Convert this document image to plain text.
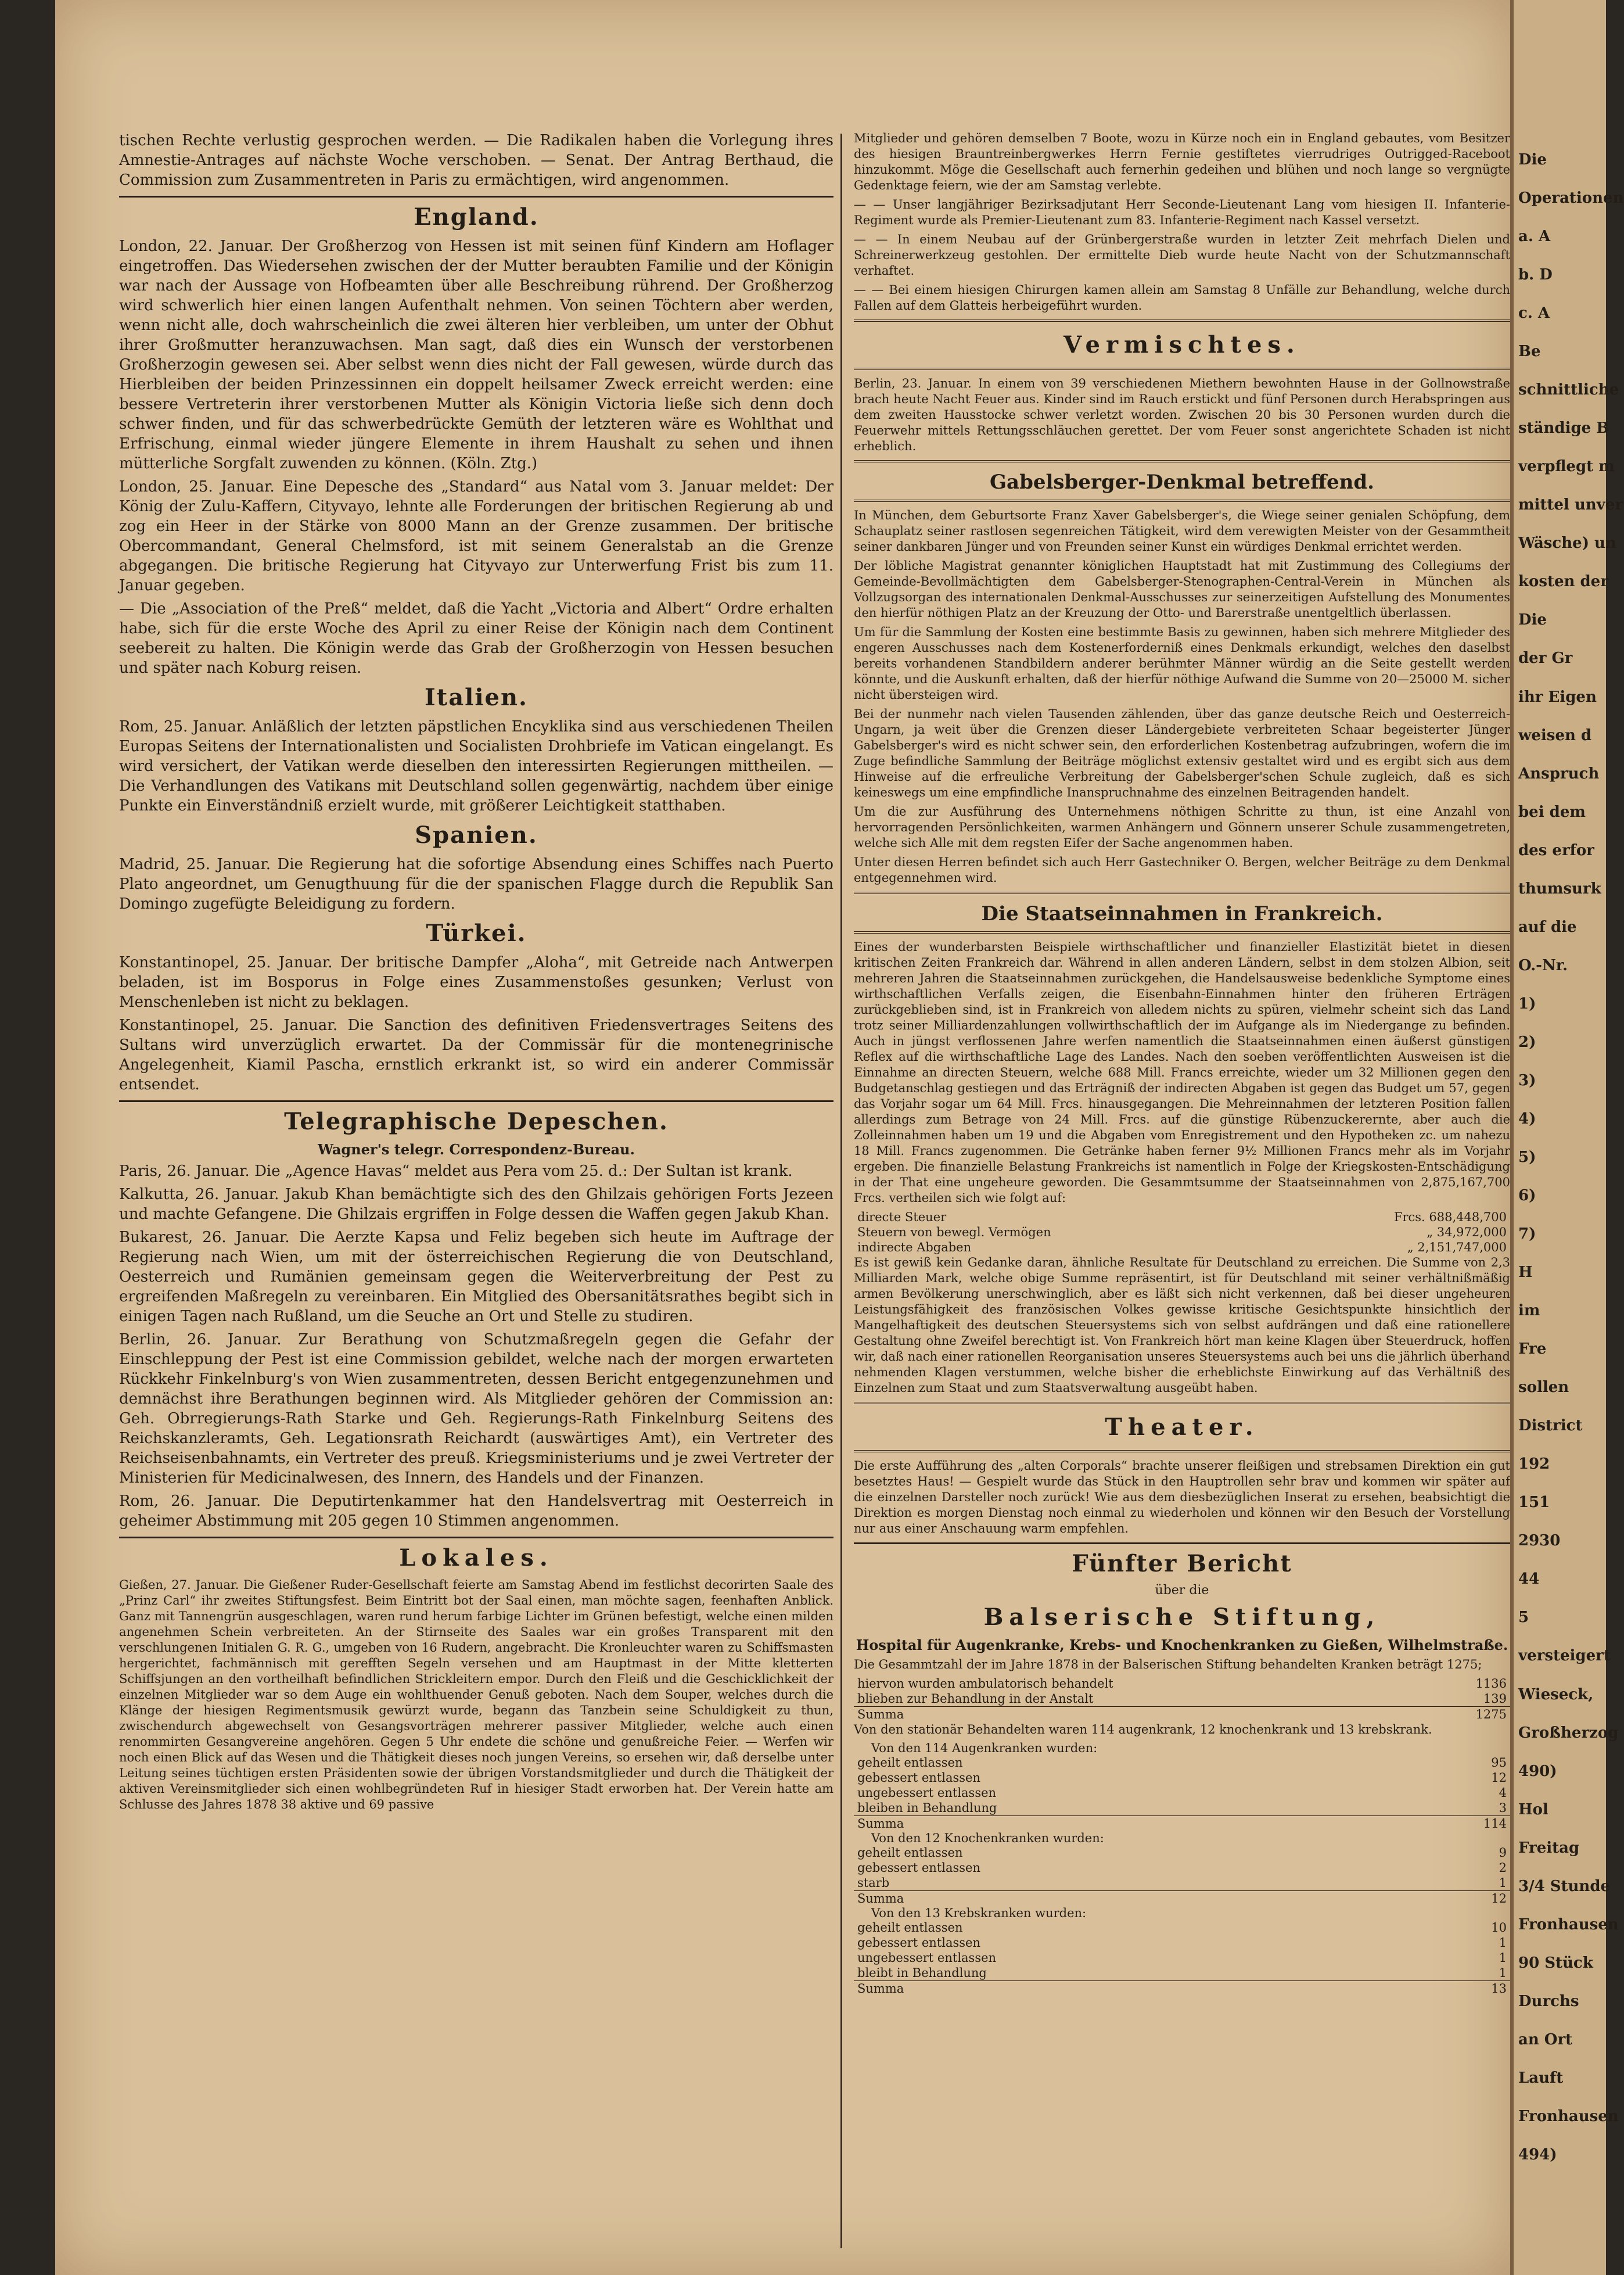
tischen Rechte verlustig gesprochen werden. — Die Radikalen haben die Vorlegung ihres Amnestie-Antrages auf nächste Woche verschoben. — Senat. Der Antrag Berthaud, die Commission zum Zusammentreten in Paris zu ermächtigen, wird angenommen.

England.

London, 22. Januar. Der Großherzog von Hessen ist mit seinen fünf Kindern am Hoflager eingetroffen. Das Wiedersehen zwischen der der Mutter beraubten Familie und der Königin war nach der Aussage von Hofbeamten über alle Beschreibung rührend. Der Großherzog wird schwerlich hier einen langen Aufenthalt nehmen. Von seinen Töchtern aber werden, wenn nicht alle, doch wahrscheinlich die zwei älteren hier verbleiben, um unter der Obhut ihrer Großmutter heranzuwachsen. Man sagt, daß dies ein Wunsch der verstorbenen Großherzogin gewesen sei. Aber selbst wenn dies nicht der Fall gewesen, würde durch das Hierbleiben der beiden Prinzessinnen ein doppelt heilsamer Zweck erreicht werden: eine bessere Vertreterin ihrer verstorbenen Mutter als Königin Victoria ließe sich denn doch schwer finden, und für das schwerbedrückte Gemüth der letzteren wäre es Wohlthat und Erfrischung, einmal wieder jüngere Elemente in ihrem Haushalt zu sehen und ihnen mütterliche Sorgfalt zuwenden zu können. (Köln. Ztg.)

London, 25. Januar. Eine Depesche des „Standard“ aus Natal vom 3. Januar meldet: Der König der Zulu-Kaffern, Cityvayo, lehnte alle Forderungen der britischen Regierung ab und zog ein Heer in der Stärke von 8000 Mann an der Grenze zusammen. Der britische Obercommandant, General Chelmsford, ist mit seinem Generalstab an die Grenze abgegangen. Die britische Regierung hat Cityvayo zur Unterwerfung Frist bis zum 11. Januar gegeben.

— Die „Association of the Preß“ meldet, daß die Yacht „Victoria and Albert“ Ordre erhalten habe, sich für die erste Woche des April zu einer Reise der Königin nach dem Continent seebereit zu halten. Die Königin werde das Grab der Großherzogin von Hessen besuchen und später nach Koburg reisen.

Italien.

Rom, 25. Januar. Anläßlich der letzten päpstlichen Encyklika sind aus verschiedenen Theilen Europas Seitens der Internationalisten und Socialisten Drohbriefe im Vatican eingelangt. Es wird versichert, der Vatikan werde dieselben den interessirten Regierungen mittheilen. — Die Verhandlungen des Vatikans mit Deutschland sollen gegenwärtig, nachdem über einige Punkte ein Einverständniß erzielt wurde, mit größerer Leichtigkeit statthaben.

Spanien.

Madrid, 25. Januar. Die Regierung hat die sofortige Absendung eines Schiffes nach Puerto Plato angeordnet, um Genugthuung für die der spanischen Flagge durch die Republik San Domingo zugefügte Beleidigung zu fordern.

Türkei.

Konstantinopel, 25. Januar. Der britische Dampfer „Aloha“, mit Getreide nach Antwerpen beladen, ist im Bosporus in Folge eines Zusammenstoßes gesunken; Verlust von Menschenleben ist nicht zu beklagen.

Konstantinopel, 25. Januar. Die Sanction des definitiven Friedensvertrages Seitens des Sultans wird unverzüglich erwartet. Da der Commissär für die montenegrinische Angelegenheit, Kiamil Pascha, ernstlich erkrankt ist, so wird ein anderer Commissär entsendet.

Telegraphische Depeschen.
Wagner's telegr. Correspondenz-Bureau.

Paris, 26. Januar. Die „Agence Havas“ meldet aus Pera vom 25. d.: Der Sultan ist krank.

Kalkutta, 26. Januar. Jakub Khan bemächtigte sich des den Ghilzais gehörigen Forts Jezeen und machte Gefangene. Die Ghilzais ergriffen in Folge dessen die Waffen gegen Jakub Khan.

Bukarest, 26. Januar. Die Aerzte Kapsa und Feliz begeben sich heute im Auftrage der Regierung nach Wien, um mit der österreichischen Regierung die von Deutschland, Oesterreich und Rumänien gemeinsam gegen die Weiterverbreitung der Pest zu ergreifenden Maßregeln zu vereinbaren. Ein Mitglied des Obersanitätsrathes begibt sich in einigen Tagen nach Rußland, um die Seuche an Ort und Stelle zu studiren.

Berlin, 26. Januar. Zur Berathung von Schutzmaßregeln gegen die Gefahr der Einschleppung der Pest ist eine Commission gebildet, welche nach der morgen erwarteten Rückkehr Finkelnburg's von Wien zusammentreten, dessen Bericht entgegenzunehmen und demnächst ihre Berathungen beginnen wird. Als Mitglieder gehören der Commission an: Geh. Obrregierungs-Rath Starke und Geh. Regierungs-Rath Finkelnburg Seitens des Reichskanzleramts, Geh. Legationsrath Reichardt (auswärtiges Amt), ein Vertreter des Reichseisenbahnamts, ein Vertreter des preuß. Kriegsministeriums und je zwei Vertreter der Ministerien für Medicinalwesen, des Innern, des Handels und der Finanzen.

Rom, 26. Januar. Die Deputirtenkammer hat den Handelsvertrag mit Oesterreich in geheimer Abstimmung mit 205 gegen 10 Stimmen angenommen.

Lokales.

Gießen, 27. Januar. Die Gießener Ruder-Gesellschaft feierte am Samstag Abend im festlichst decorirten Saale des „Prinz Carl“ ihr zweites Stiftungsfest. Beim Eintritt bot der Saal einen, man möchte sagen, feenhaften Anblick. Ganz mit Tannengrün ausgeschlagen, waren rund herum farbige Lichter im Grünen befestigt, welche einen milden angenehmen Schein verbreiteten. An der Stirnseite des Saales war ein großes Transparent mit den verschlungenen Initialen G. R. G., umgeben von 16 Rudern, angebracht. Die Kronleuchter waren zu Schiffsmasten hergerichtet, fachmännisch mit gerefften Segeln versehen und am Hauptmast in der Mitte kletterten Schiffsjungen an den vortheilhaft befindlichen Strickleitern empor. Durch den Fleiß und die Geschicklichkeit der einzelnen Mitglieder war so dem Auge ein wohlthuender Genuß geboten. Nach dem Souper, welches durch die Klänge der hiesigen Regimentsmusik gewürzt wurde, begann das Tanzbein seine Schuldigkeit zu thun, zwischendurch abgewechselt von Gesangsvorträgen mehrerer passiver Mitglieder, welche auch einen renommirten Gesangvereine angehören. Gegen 5 Uhr endete die schöne und genußreiche Feier. — Werfen wir noch einen Blick auf das Wesen und die Thätigkeit dieses noch jungen Vereins, so ersehen wir, daß derselbe unter Leitung seines tüchtigen ersten Präsidenten sowie der übrigen Vorstandsmitglieder und durch die Thätigkeit der aktiven Vereinsmitglieder sich einen wohlbegründeten Ruf in hiesiger Stadt erworben hat. Der Verein hatte am Schlusse des Jahres 1878 38 aktive und 69 passive

Mitglieder und gehören demselben 7 Boote, wozu in Kürze noch ein in England gebautes, vom Besitzer des hiesigen Brauntreinbergwerkes Herrn Fernie gestiftetes vierrudriges Outrigged-Raceboot hinzukommt. Möge die Gesellschaft auch fernerhin gedeihen und blühen und noch lange so vergnügte Gedenktage feiern, wie der am Samstag verlebte.

— — Unser langjähriger Bezirksadjutant Herr Seconde-Lieutenant Lang vom hiesigen II. Infanterie-Regiment wurde als Premier-Lieutenant zum 83. Infanterie-Regiment nach Kassel versetzt.

— — In einem Neubau auf der Grünbergerstraße wurden in letzter Zeit mehrfach Dielen und Schreinerwerkzeug gestohlen. Der ermittelte Dieb wurde heute Nacht von der Schutzmannschaft verhaftet.

— — Bei einem hiesigen Chirurgen kamen allein am Samstag 8 Unfälle zur Behandlung, welche durch Fallen auf dem Glatteis herbeigeführt wurden.

Vermischtes.

Berlin, 23. Januar. In einem von 39 verschiedenen Miethern bewohnten Hause in der Gollnowstraße brach heute Nacht Feuer aus. Kinder sind im Rauch erstickt und fünf Personen durch Herabspringen aus dem zweiten Hausstocke schwer verletzt worden. Zwischen 20 bis 30 Personen wurden durch die Feuerwehr mittels Rettungsschläuchen gerettet. Der vom Feuer sonst angerichtete Schaden ist nicht erheblich.

Gabelsberger-Denkmal betreffend.

In München, dem Geburtsorte Franz Xaver Gabelsberger's, die Wiege seiner genialen Schöpfung, dem Schauplatz seiner rastlosen segenreichen Tätigkeit, wird dem verewigten Meister von der Gesammtheit seiner dankbaren Jünger und von Freunden seiner Kunst ein würdiges Denkmal errichtet werden.

Der löbliche Magistrat genannter königlichen Hauptstadt hat mit Zustimmung des Collegiums der Gemeinde-Bevollmächtigten dem Gabelsberger-Stenographen-Central-Verein in München als Vollzugsorgan des internationalen Denkmal-Ausschusses zur seinerzeitigen Aufstellung des Monumentes den hierfür nöthigen Platz an der Kreuzung der Otto- und Barerstraße unentgeltlich überlassen.

Um für die Sammlung der Kosten eine bestimmte Basis zu gewinnen, haben sich mehrere Mitglieder des engeren Ausschusses nach dem Kostenerforderniß eines Denkmals erkundigt, welches den daselbst bereits vorhandenen Standbildern anderer berühmter Männer würdig an die Seite gestellt werden könnte, und die Auskunft erhalten, daß der hierfür nöthige Aufwand die Summe von 20—25000 M. sicher nicht übersteigen wird.

Bei der nunmehr nach vielen Tausenden zählenden, über das ganze deutsche Reich und Oesterreich-Ungarn, ja weit über die Grenzen dieser Ländergebiete verbreiteten Schaar begeisterter Jünger Gabelsberger's wird es nicht schwer sein, den erforderlichen Kostenbetrag aufzubringen, wofern die im Zuge befindliche Sammlung der Beiträge möglichst extensiv gestaltet wird und es ergibt sich aus dem Hinweise auf die erfreuliche Verbreitung der Gabelsberger'schen Schule zugleich, daß es sich keineswegs um eine empfindliche Inanspruchnahme des einzelnen Beitragenden handelt.

Um die zur Ausführung des Unternehmens nöthigen Schritte zu thun, ist eine Anzahl von hervorragenden Persönlichkeiten, warmen Anhängern und Gönnern unserer Schule zusammengetreten, welche sich Alle mit dem regsten Eifer der Sache angenommen haben.

Unter diesen Herren befindet sich auch Herr Gastechniker O. Bergen, welcher Beiträge zu dem Denkmal entgegennehmen wird.

Die Staatseinnahmen in Frankreich.

Eines der wunderbarsten Beispiele wirthschaftlicher und finanzieller Elastizität bietet in diesen kritischen Zeiten Frankreich dar. Während in allen anderen Ländern, selbst in dem stolzen Albion, seit mehreren Jahren die Staatseinnahmen zurückgehen, die Handelsausweise bedenkliche Symptome eines wirthschaftlichen Verfalls zeigen, die Eisenbahn-Einnahmen hinter den früheren Erträgen zurückgeblieben sind, ist in Frankreich von alledem nichts zu spüren, vielmehr scheint sich das Land trotz seiner Milliardenzahlungen vollwirthschaftlich der im Aufgange als im Niedergange zu befinden. Auch in jüngst verflossenen Jahre werfen namentlich die Staatseinnahmen einen äußerst günstigen Reflex auf die wirthschaftliche Lage des Landes. Nach den soeben veröffentlichten Ausweisen ist die Einnahme an directen Steuern, welche 688 Mill. Francs erreichte, wieder um 32 Millionen gegen den Budgetanschlag gestiegen und das Erträgniß der indirecten Abgaben ist gegen das Budget um 57, gegen das Vorjahr sogar um 64 Mill. Frcs. hinausgegangen. Die Mehreinnahmen der letzteren Position fallen allerdings zum Betrage von 24 Mill. Frcs. auf die günstige Rübenzuckerernte, aber auch die Zolleinnahmen haben um 19 und die Abgaben vom Enregistrement und den Hypotheken zc. um nahezu 18 Mill. Francs zugenommen. Die Getränke haben ferner 9½ Millionen Francs mehr als im Vorjahr ergeben. Die finanzielle Belastung Frankreichs ist namentlich in Folge der Kriegskosten-Entschädigung in der That eine ungeheure geworden. Die Gesammtsumme der Staatseinnahmen von 2,875,167,700 Frcs. vertheilen sich wie folgt auf:

directe Steuer	Frcs. 688,448,700
Steuern von bewegl. Vermögen	„ 34,972,000
indirecte Abgaben	„ 2,151,747,000

Es ist gewiß kein Gedanke daran, ähnliche Resultate für Deutschland zu erreichen. Die Summe von 2,3 Milliarden Mark, welche obige Summe repräsentirt, ist für Deutschland mit seiner verhältnißmäßig armen Bevölkerung unerschwinglich, aber es läßt sich nicht verkennen, daß bei dieser ungeheuren Leistungsfähigkeit des französischen Volkes gewisse kritische Gesichtspunkte hinsichtlich der Mangelhaftigkeit des deutschen Steuersystems sich von selbst aufdrängen und daß eine rationellere Gestaltung ohne Zweifel berechtigt ist. Von Frankreich hört man keine Klagen über Steuerdruck, hoffen wir, daß nach einer rationellen Reorganisation unseres Steuersystems auch bei uns die jährlich überhand nehmenden Klagen verstummen, welche bisher die erheblichste Einwirkung auf das Verhältniß des Einzelnen zum Staat und zum Staatsverwaltung ausgeübt haben.

Theater.

Die erste Aufführung des „alten Corporals“ brachte unserer fleißigen und strebsamen Direktion ein gut besetztes Haus! — Gespielt wurde das Stück in den Hauptrollen sehr brav und kommen wir später auf die einzelnen Darsteller noch zurück! Wie aus dem diesbezüglichen Inserat zu ersehen, beabsichtigt die Direktion es morgen Dienstag noch einmal zu wiederholen und können wir den Besuch der Vorstellung nur aus einer Anschauung warm empfehlen.

Fünfter Bericht
über die
Balserische Stiftung,
Hospital für Augenkranke, Krebs- und Knochenkranken zu Gießen, Wilhelmstraße.

Die Gesammtzahl der im Jahre 1878 in der Balserischen Stiftung behandelten Kranken beträgt 1275;

hiervon wurden ambulatorisch behandelt	1136
blieben zur Behandlung in der Anstalt	139
Summa	1275

Von den stationär Behandelten waren 114 augenkrank, 12 knochenkrank und 13 krebskrank.

Von den 114 Augenkranken wurden:
geheilt entlassen	95
gebessert entlassen	12
ungebessert entlassen	4
bleiben in Behandlung	3
Summa	114
Von den 12 Knochenkranken wurden:
geheilt entlassen	9
gebessert entlassen	2
starb	1
Summa	12
Von den 13 Krebskranken wurden:
geheilt entlassen	10
gebessert entlassen	1
ungebessert entlassen	1
bleibt in Behandlung	1
Summa	13
Die
Operationen
a. A
b. D
c. A
Be
schnittliche
ständige B
verpflegt m
mittel unver
Wäsche) un
kosten der
Die
der Gr
ihr Eigen
weisen d
Anspruch
bei dem
des erfor
thumsurk
auf die
O.-Nr.
1)
2)
3)
4)
5)
6)
7)
H
im
Fre
sollen
District
192
151
2930
44
5
versteigert
Wieseck,
Großherzog
490)
Hol
Freitag
3/4 Stunde
Fronhausen
90 Stück
Durchs
an Ort
Lauft
Fronhausen
494)
